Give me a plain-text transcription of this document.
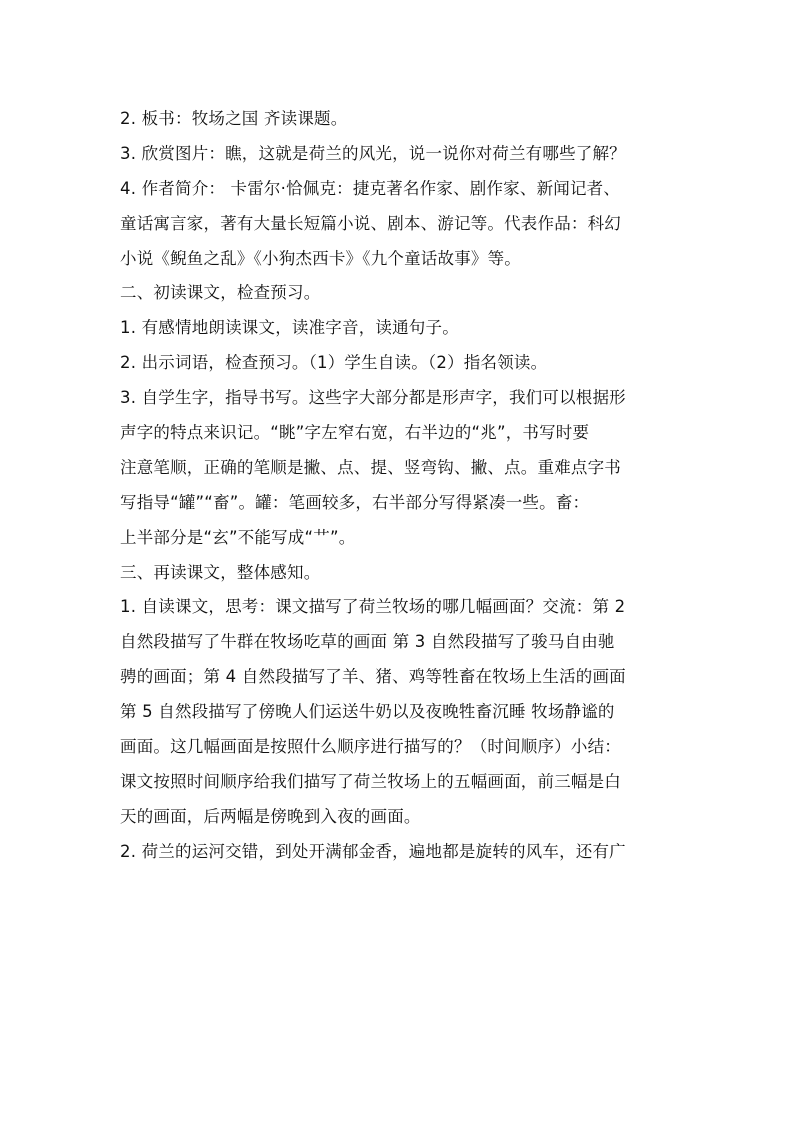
2. 板书：牧场之国 齐读课题。
3. 欣赏图片：瞧，这就是荷兰的风光，说一说你对荷兰有哪些了解？
4. 作者简介： 卡雷尔·恰佩克：捷克著名作家、剧作家、新闻记者、
童话寓言家，著有大量长短篇小说、剧本、游记等。代表作品：科幻
小说《鲵鱼之乱》《小狗杰西卡》《九个童话故事》等。
二、初读课文，检查预习。
1. 有感情地朗读课文，读准字音，读通句子。
2. 出示词语，检查预习。（1）学生自读。（2）指名领读。
3. 自学生字，指导书写。这些字大部分都是形声字，我们可以根据形
声字的特点来识记。“眺”字左窄右宽，右半边的“兆”，书写时要
注意笔顺，正确的笔顺是撇、点、提、竖弯钩、撇、点。重难点字书
写指导“罐”“畜”。罐：笔画较多，右半部分写得紧凑一些。畜：
上半部分是“玄”不能写成“艹”。
三、再读课文，整体感知。
1. 自读课文，思考：课文描写了荷兰牧场的哪几幅画面？交流：第 2
自然段描写了牛群在牧场吃草的画面 第 3 自然段描写了骏马自由驰
骋的画面；第 4 自然段描写了羊、猪、鸡等牲畜在牧场上生活的画面
第 5 自然段描写了傍晚人们运送牛奶以及夜晚牲畜沉睡 牧场静谧的
画面。这几幅画面是按照什么顺序进行描写的？（时间顺序）小结：
课文按照时间顺序给我们描写了荷兰牧场上的五幅画面，前三幅是白
天的画面，后两幅是傍晚到入夜的画面。
2. 荷兰的运河交错，到处开满郁金香，遍地都是旋转的风车，还有广
